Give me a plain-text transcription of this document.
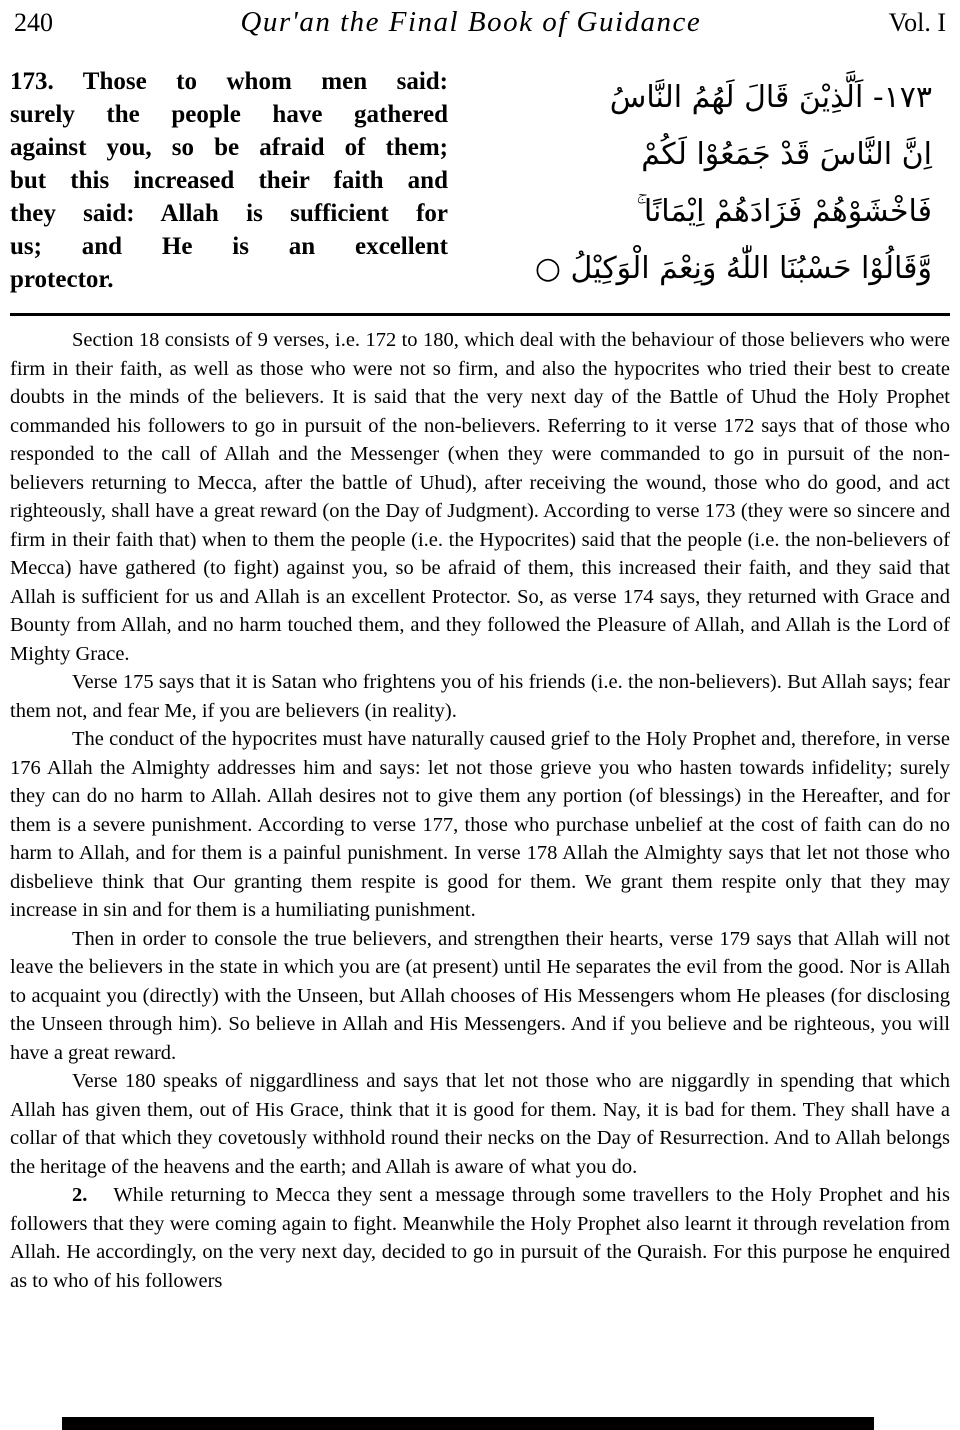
240	Qur'an the Final Book of Guidance	Vol. I
173. Those to whom men said:
surely the people have gathered
against you, so be afraid of them;
but this increased their faith and
they said: Allah is sufficient for
us; and He is an excellent
protector.
١٧٣- اَلَّذِيْنَ قَالَ لَهُمُ النَّاسُ
اِنَّ النَّاسَ قَدْ جَمَعُوْا لَكُمْ
فَاخْشَوْهُمْ فَزَادَهُمْ اِيْمَانًا ۚ
وَّقَالُوْا حَسْبُنَا اللّٰهُ وَنِعْمَ الْوَكِيْلُ ○

Section 18 consists of 9 verses, i.e. 172 to 180, which deal with the behaviour of those believers who were firm in their faith, as well as those who were not so firm, and also the hypocrites who tried their best to create doubts in the minds of the believers. It is said that the very next day of the Battle of Uhud the Holy Prophet commanded his followers to go in pursuit of the non-believers. Referring to it verse 172 says that of those who responded to the call of Allah and the Messenger (when they were commanded to go in pursuit of the non-believers returning to Mecca, after the battle of Uhud), after receiving the wound, those who do good, and act righteously, shall have a great reward (on the Day of Judgment). According to verse 173 (they were so sincere and firm in their faith that) when to them the people (i.e. the Hypocrites) said that the people (i.e. the non-believers of Mecca) have gathered (to fight) against you, so be afraid of them, this increased their faith, and they said that Allah is sufficient for us and Allah is an excellent Protector. So, as verse 174 says, they returned with Grace and Bounty from Allah, and no harm touched them, and they followed the Pleasure of Allah, and Allah is the Lord of Mighty Grace.

Verse 175 says that it is Satan who frightens you of his friends (i.e. the non-believers). But Allah says; fear them not, and fear Me, if you are believers (in reality).

The conduct of the hypocrites must have naturally caused grief to the Holy Prophet and, therefore, in verse 176 Allah the Almighty addresses him and says: let not those grieve you who hasten towards infidelity; surely they can do no harm to Allah. Allah desires not to give them any portion (of blessings) in the Hereafter, and for them is a severe punishment. According to verse 177, those who purchase unbelief at the cost of faith can do no harm to Allah, and for them is a painful punishment. In verse 178 Allah the Almighty says that let not those who disbelieve think that Our granting them respite is good for them. We grant them respite only that they may increase in sin and for them is a humiliating punishment.

Then in order to console the true believers, and strengthen their hearts, verse 179 says that Allah will not leave the believers in the state in which you are (at present) until He separates the evil from the good. Nor is Allah to acquaint you (directly) with the Unseen, but Allah chooses of His Messengers whom He pleases (for disclosing the Unseen through him). So believe in Allah and His Messengers. And if you believe and be righteous, you will have a great reward.

Verse 180 speaks of niggardliness and says that let not those who are niggardly in spending that which Allah has given them, out of His Grace, think that it is good for them. Nay, it is bad for them. They shall have a collar of that which they covetously withhold round their necks on the Day of Resurrection. And to Allah belongs the heritage of the heavens and the earth; and Allah is aware of what you do.

2. While returning to Mecca they sent a message through some travellers to the Holy Prophet and his followers that they were coming again to fight. Meanwhile the Holy Prophet also learnt it through revelation from Allah. He accordingly, on the very next day, decided to go in pursuit of the Quraish. For this purpose he enquired as to who of his followers
